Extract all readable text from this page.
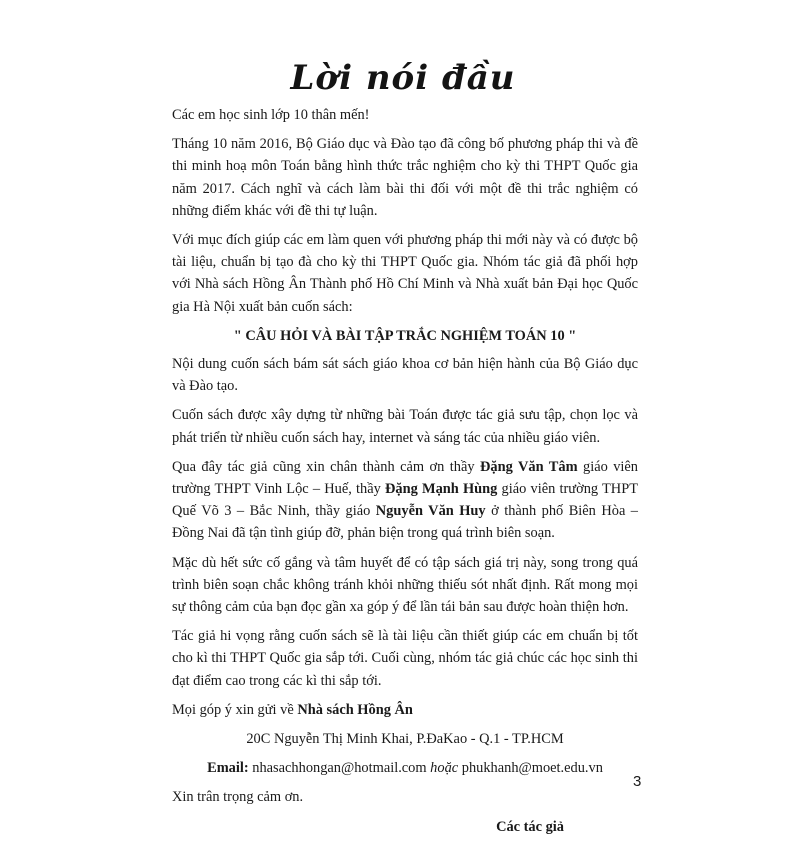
Lời nói đầu

Các em học sinh lớp 10 thân mến!

Tháng 10 năm 2016, Bộ Giáo dục và Đào tạo đã công bố phương pháp thi và đề thi minh hoạ môn Toán bằng hình thức trắc nghiệm cho kỳ thi THPT Quốc gia năm 2017. Cách nghĩ và cách làm bài thi đối với một đề thi trắc nghiệm có những điểm khác với đề thi tự luận.

Với mục đích giúp các em làm quen với phương pháp thi mới này và có được bộ tài liệu, chuẩn bị tạo đà cho kỳ thi THPT Quốc gia. Nhóm tác giả đã phối hợp với Nhà sách Hồng Ân Thành phố Hồ Chí Minh và Nhà xuất bản Đại học Quốc gia Hà Nội xuất bản cuốn sách:

" CÂU HỎI VÀ BÀI TẬP TRẮC NGHIỆM TOÁN 10 "

Nội dung cuốn sách bám sát sách giáo khoa cơ bản hiện hành của Bộ Giáo dục và Đào tạo.

Cuốn sách được xây dựng từ những bài Toán được tác giả sưu tập, chọn lọc và phát triển từ nhiều cuốn sách hay, internet và sáng tác của nhiều giáo viên.

Qua đây tác giả cũng xin chân thành cảm ơn thầy Đặng Văn Tâm giáo viên trường THPT Vinh Lộc – Huế, thầy Đặng Mạnh Hùng giáo viên trường THPT Quế Võ 3 – Bắc Ninh, thầy giáo Nguyễn Văn Huy ở thành phố Biên Hòa – Đồng Nai đã tận tình giúp đỡ, phản biện trong quá trình biên soạn.

Mặc dù hết sức cố gắng và tâm huyết để có tập sách giá trị này, song trong quá trình biên soạn chắc không tránh khỏi những thiếu sót nhất định. Rất mong mọi sự thông cảm của bạn đọc gần xa góp ý để lần tái bản sau được hoàn thiện hơn.

Tác giả hi vọng rằng cuốn sách sẽ là tài liệu cần thiết giúp các em chuẩn bị tốt cho kì thi THPT Quốc gia sắp tới. Cuối cùng, nhóm tác giả chúc các học sinh thi đạt điểm cao trong các kì thi sắp tới.

Mọi góp ý xin gửi về Nhà sách Hồng Ân

20C Nguyễn Thị Minh Khai, P.ĐaKao - Q.1 - TP.HCM

Email: nhasachhongan@hotmail.com hoặc phukhanh@moet.edu.vn

Xin trân trọng cảm ơn.

Các tác giả

3
